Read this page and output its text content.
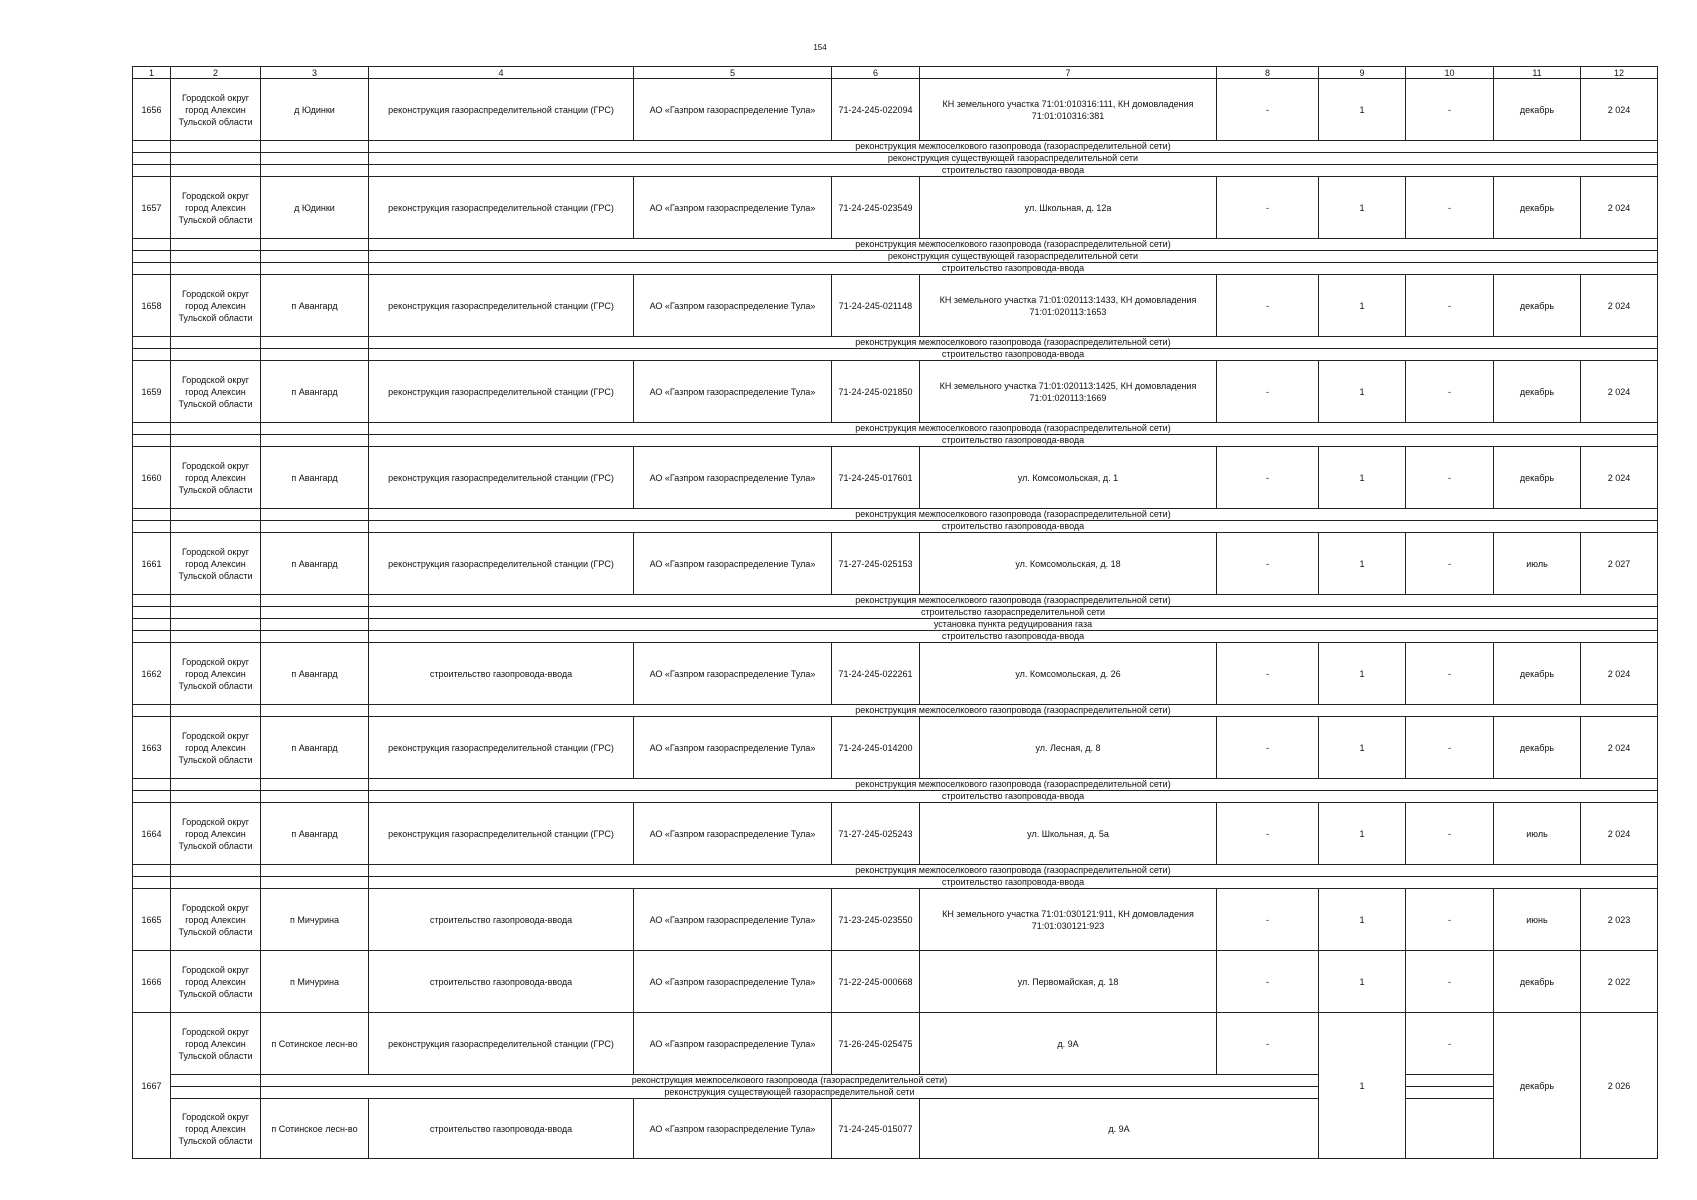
154
1	2	3	4	5	6	7	8	9	10	11	12
1656	Городской округ город Алексин Тульской области	д Юдинки	реконструкция газораспределительной станции (ГРС)	АО «Газпром газораспределение Тула»	71-24-245-022094	КН земельного участка 71:01:010316:111, КН домовладения 71:01:010316:381	-	1	-	декабрь	2 024
			реконструкция межпоселкового газопровода (газораспределительной сети)								
			реконструкция существующей газораспределительной сети								
			строительство газопровода-ввода								
1657	Городской округ город Алексин Тульской области	д Юдинки	реконструкция газораспределительной станции (ГРС)	АО «Газпром газораспределение Тула»	71-24-245-023549	ул. Школьная, д. 12а	-	1	-	декабрь	2 024
			реконструкция межпоселкового газопровода (газораспределительной сети)								
			реконструкция существующей газораспределительной сети								
			строительство газопровода-ввода								
1658	Городской округ город Алексин Тульской области	п Авангард	реконструкция газораспределительной станции (ГРС)	АО «Газпром газораспределение Тула»	71-24-245-021148	КН земельного участка 71:01:020113:1433, КН домовладения 71:01:020113:1653	-	1	-	декабрь	2 024
			реконструкция межпоселкового газопровода (газораспределительной сети)								
			строительство газопровода-ввода								
1659	Городской округ город Алексин Тульской области	п Авангард	реконструкция газораспределительной станции (ГРС)	АО «Газпром газораспределение Тула»	71-24-245-021850	КН земельного участка 71:01:020113:1425, КН домовладения 71:01:020113:1669	-	1	-	декабрь	2 024
			реконструкция межпоселкового газопровода (газораспределительной сети)								
			строительство газопровода-ввода								
1660	Городской округ город Алексин Тульской области	п Авангард	реконструкция газораспределительной станции (ГРС)	АО «Газпром газораспределение Тула»	71-24-245-017601	ул. Комсомольская, д. 1	-	1	-	декабрь	2 024
			реконструкция межпоселкового газопровода (газораспределительной сети)								
			строительство газопровода-ввода								
1661	Городской округ город Алексин Тульской области	п Авангард	реконструкция газораспределительной станции (ГРС)	АО «Газпром газораспределение Тула»	71-27-245-025153	ул. Комсомольская, д. 18	-	1	-	июль	2 027
			реконструкция межпоселкового газопровода (газораспределительной сети)								
			строительство газораспределительной сети								
			установка пункта редуцирования газа								
			строительство газопровода-ввода								
1662	Городской округ город Алексин Тульской области	п Авангард	строительство газопровода-ввода	АО «Газпром газораспределение Тула»	71-24-245-022261	ул. Комсомольская, д. 26	-	1	-	декабрь	2 024
			реконструкция межпоселкового газопровода (газораспределительной сети)								
1663	Городской округ город Алексин Тульской области	п Авангард	реконструкция газораспределительной станции (ГРС)	АО «Газпром газораспределение Тула»	71-24-245-014200	ул. Лесная, д. 8	-	1	-	декабрь	2 024
			реконструкция межпоселкового газопровода (газораспределительной сети)								
			строительство газопровода-ввода								
1664	Городской округ город Алексин Тульской области	п Авангард	реконструкция газораспределительной станции (ГРС)	АО «Газпром газораспределение Тула»	71-27-245-025243	ул. Школьная, д. 5а	-	1	-	июль	2 024
			реконструкция межпоселкового газопровода (газораспределительной сети)								
			строительство газопровода-ввода								
1665	Городской округ город Алексин Тульской области	п Мичурина	строительство газопровода-ввода	АО «Газпром газораспределение Тула»	71-23-245-023550	КН земельного участка 71:01:030121:911, КН домовладения 71:01:030121:923	-	1	-	июнь	2 023
1666	Городской округ город Алексин Тульской области	п Мичурина	строительство газопровода-ввода	АО «Газпром газораспределение Тула»	71-22-245-000668	ул. Первомайская, д. 18	-	1	-	декабрь	2 022
1667	Городской округ город Алексин Тульской области	п Сотинское лесн-во	реконструкция газораспределительной станции (ГРС)	АО «Газпром газораспределение Тула»	71-26-245-025475	д. 9А	-	1	-	декабрь	2 026
		реконструкция межпоселкового газопровода (газораспределительной сети)									
		реконструкция существующей газораспределительной сети									
	Городской округ город Алексин Тульской области	п Сотинское лесн-во	строительство газопровода-ввода	АО «Газпром газораспределение Тула»	71-24-245-015077	д. 9А					
